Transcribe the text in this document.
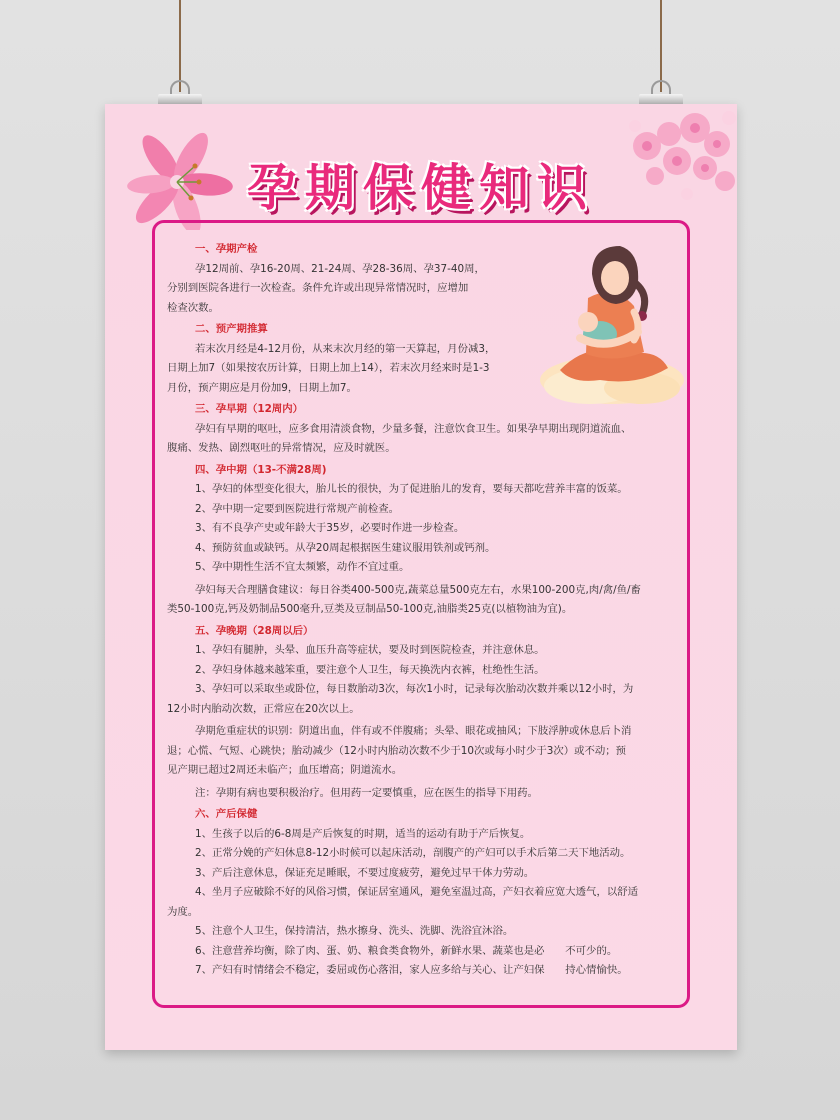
孕期保健知识

一、孕期产检

孕12周前、孕16-20周、21-24周、孕28-36周、孕37-40周，

分别到医院各进行一次检查。条件允许或出现异常情况时，应增加

检查次数。

二、预产期推算

若末次月经是4-12月份，从来末次月经的第一天算起，月份减3，

日期上加7（如果按农历计算，日期上加上14），若末次月经来时是1-3

月份，预产期应是月份加9，日期上加7。

三、孕早期（12周内）

孕妇有早期的呕吐，应多食用清淡食物，少量多餐，注意饮食卫生。如果孕早期出现阴道流血、

腹痛、发热、剧烈呕吐的异常情况，应及时就医。

四、孕中期（13-不满28周)

1、孕妇的体型变化很大，胎儿长的很快，为了促进胎儿的发育，要每天都吃营养丰富的饭菜。

2、孕中期一定要到医院进行常规产前检查。

3、有不良孕产史或年龄大于35岁，必要时作进一步检查。

4、预防贫血或缺钙。从孕20周起根据医生建议服用铁剂或钙剂。

5、孕中期性生活不宜太频繁，动作不宜过重。

孕妇每天合理膳食建议：每日谷类400-500克,蔬菜总量500克左右，水果100-200克,肉/禽/鱼/畜

类50-100克,钙及奶制品500毫升,豆类及豆制品50-100克,油脂类25克(以植物油为宜)。

五、孕晚期（28周以后）

1、孕妇有腿肿，头晕、血压升高等症状，要及时到医院检查，并注意休息。

2、孕妇身体越来越笨重，要注意个人卫生，每天换洗内衣裤，杜绝性生活。

3、孕妇可以采取坐或卧位，每日数胎动3次，每次1小时，记录每次胎动次数并乘以12小时，为

12小时内胎动次数，正常应在20次以上。

孕期危重症状的识别：阴道出血，伴有或不伴腹痛；头晕、眼花或抽风；下肢浮肿或休息后卜消

退；心慌、气短、心跳快；胎动减少（12小时内胎动次数不少于10次或每小时少于3次）或不动；预

见产期已超过2周还未临产；血压增高；阴道流水。

注：孕期有病也要积极治疗。但用药一定要慎重，应在医生的指导下用药。

六、产后保健

1、生孩子以后的6-8周是产后恢复的时期，适当的运动有助于产后恢复。

2、正常分娩的产妇休息8-12小时候可以起床活动，剖腹产的产妇可以手术后第二天下地活动。

3、产后注意休息，保证充足睡眠，不要过度疲劳，避免过早干体力劳动。

4、坐月子应破除不好的风俗习惯，保证居室通风，避免室温过高，产妇衣着应宽大透气，以舒适

为度。

5、注意个人卫生，保持清洁，热水擦身、洗头、洗脚、洗浴宜沐浴。

6、注意营养均衡，除了肉、蛋、奶、粮食类食物外，新鲜水果、蔬菜也是必　　不可少的。

7、产妇有时情绪会不稳定，委屈或伤心落泪，家人应多给与关心、让产妇保　　持心情愉快。
